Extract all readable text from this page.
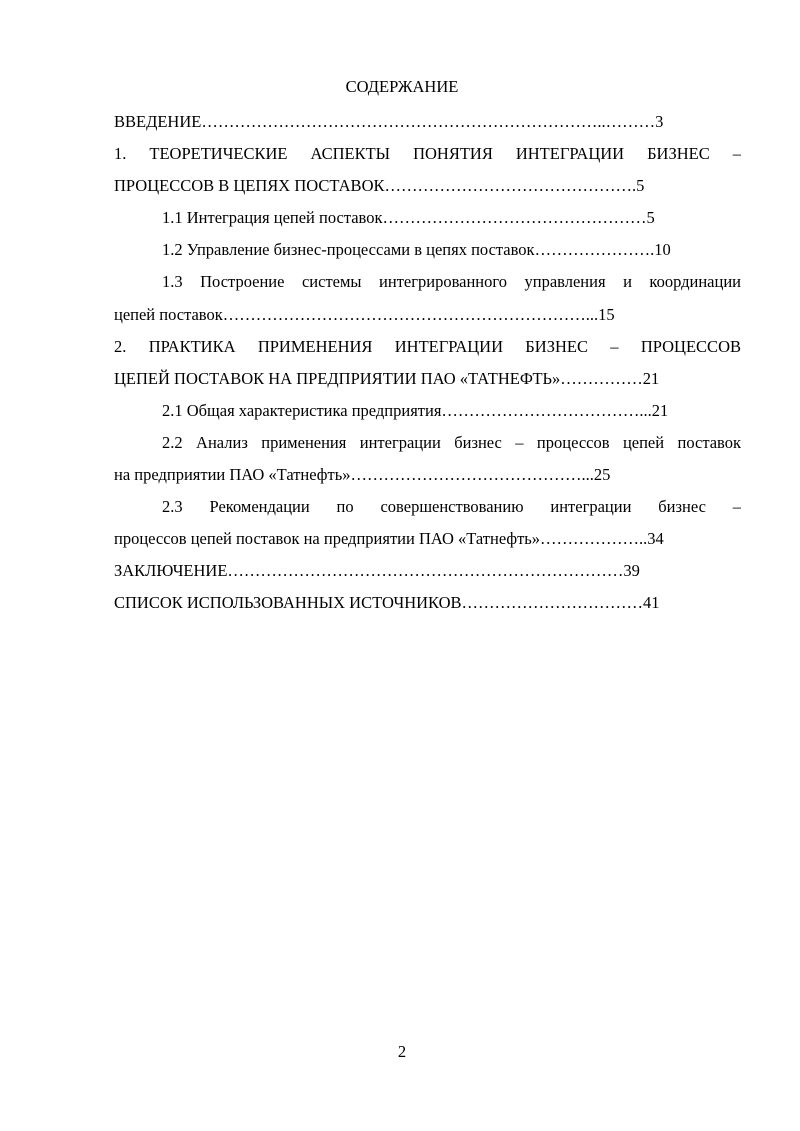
СОДЕРЖАНИЕ
ВВЕДЕНИЕ………………………………………………………………..………3
1. ТЕОРЕТИЧЕСКИЕ АСПЕКТЫ ПОНЯТИЯ ИНТЕГРАЦИИ БИЗНЕС –
ПРОЦЕССОВ В ЦЕПЯХ ПОСТАВОК……………………………………….5
1.1 Интеграция цепей поставок…………………………………………5
1.2 Управление бизнес-процессами в цепях поставок………………….10
1.3 Построение системы интегрированного управления и координации
цепей поставок…………………………………………………………...15
2. ПРАКТИКА ПРИМЕНЕНИЯ ИНТЕГРАЦИИ БИЗНЕС – ПРОЦЕССОВ
ЦЕПЕЙ ПОСТАВОК НА ПРЕДПРИЯТИИ ПАО «ТАТНЕФТЬ»……………21
2.1 Общая характеристика предприятия………………………………...21
2.2 Анализ применения интеграции бизнес – процессов цепей поставок
на предприятии ПАО «Татнефть»……………………………………...25
2.3 Рекомендации по совершенствованию интеграции бизнес –
процессов цепей поставок на предприятии ПАО «Татнефть»………………..34
ЗАКЛЮЧЕНИЕ………………………………………………………………39
СПИСОК ИСПОЛЬЗОВАННЫХ ИСТОЧНИКОВ……………………………41
2
